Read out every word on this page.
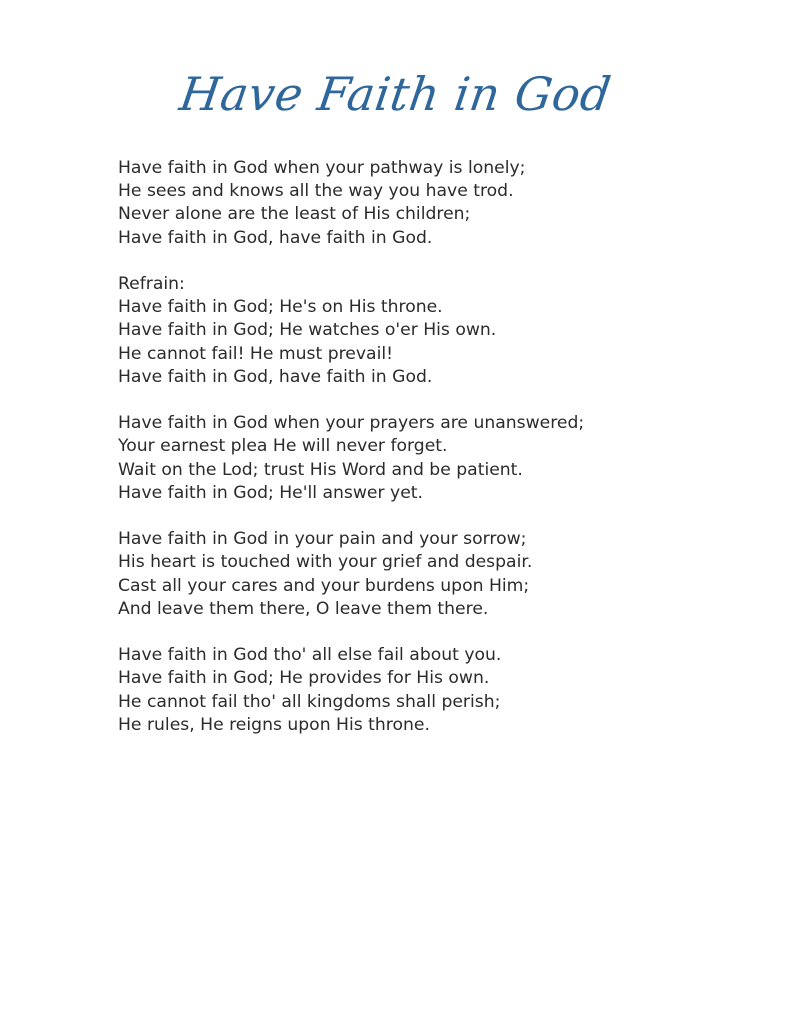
Have Faith in God
Have faith in God when your pathway is lonely;
He sees and knows all the way you have trod.
Never alone are the least of His children;
Have faith in God, have faith in God.
Refrain:
Have faith in God; He's on His throne.
Have faith in God; He watches o'er His own.
He cannot fail! He must prevail!
Have faith in God, have faith in God.
Have faith in God when your prayers are unanswered;
Your earnest plea He will never forget.
Wait on the Lod; trust His Word and be patient.
Have faith in God; He'll answer yet.
Have faith in God in your pain and your sorrow;
His heart is touched with your grief and despair.
Cast all your cares and your burdens upon Him;
And leave them there, O leave them there.
Have faith in God tho' all else fail about you.
Have faith in God; He provides for His own.
He cannot fail tho' all kingdoms shall perish;
He rules, He reigns upon His throne.
